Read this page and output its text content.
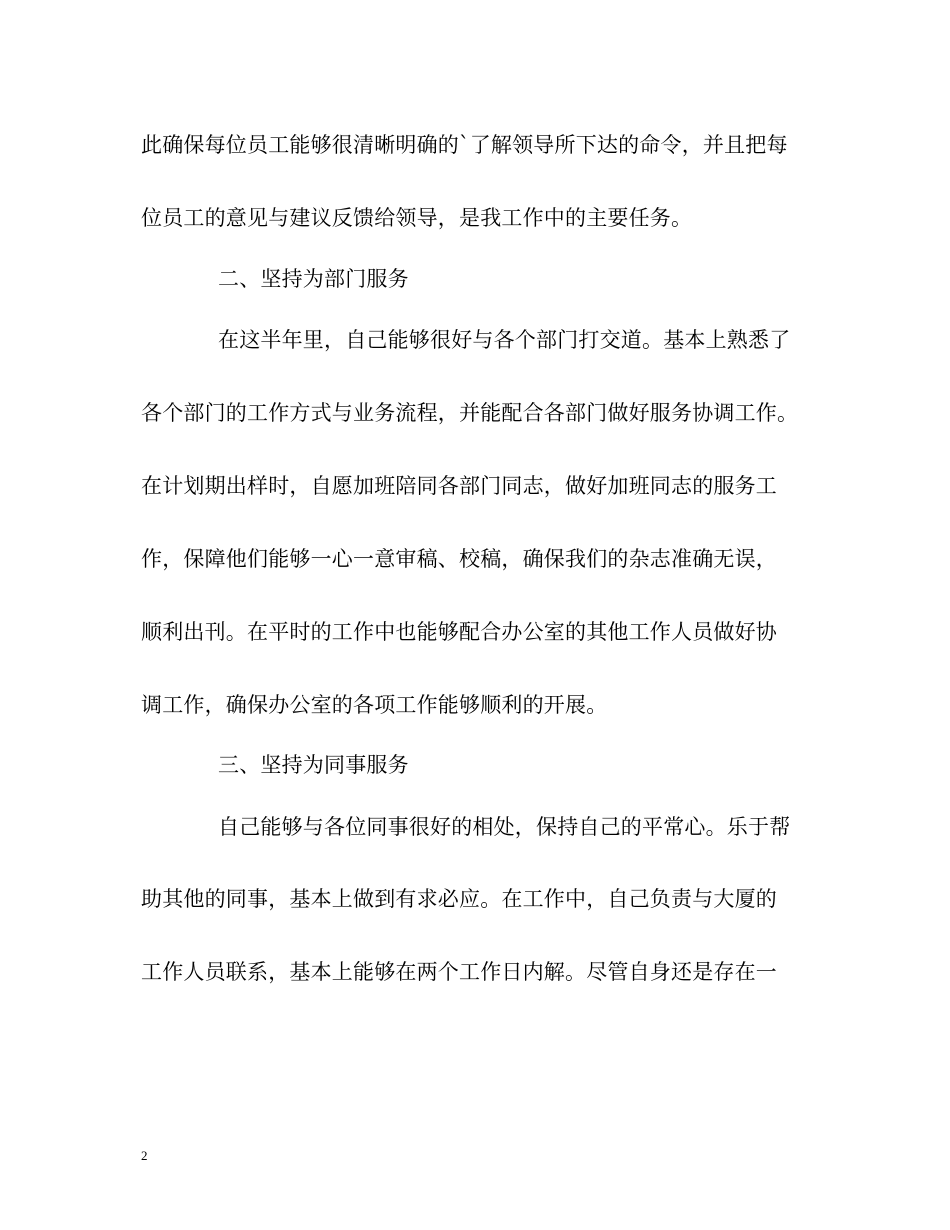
此确保每位员工能够很清晰明确的`了解领导所下达的命令，并且把每
位员工的意见与建议反馈给领导，是我工作中的主要任务。
二、坚持为部门服务
在这半年里，自己能够很好与各个部门打交道。基本上熟悉了
各个部门的工作方式与业务流程，并能配合各部门做好服务协调工作。
在计划期出样时，自愿加班陪同各部门同志，做好加班同志的服务工
作，保障他们能够一心一意审稿、校稿，确保我们的杂志准确无误，
顺利出刊。在平时的工作中也能够配合办公室的其他工作人员做好协
调工作，确保办公室的各项工作能够顺利的开展。
三、坚持为同事服务
自己能够与各位同事很好的相处，保持自己的平常心。乐于帮
助其他的同事，基本上做到有求必应。在工作中，自己负责与大厦的
工作人员联系，基本上能够在两个工作日内解。尽管自身还是存在一
2
